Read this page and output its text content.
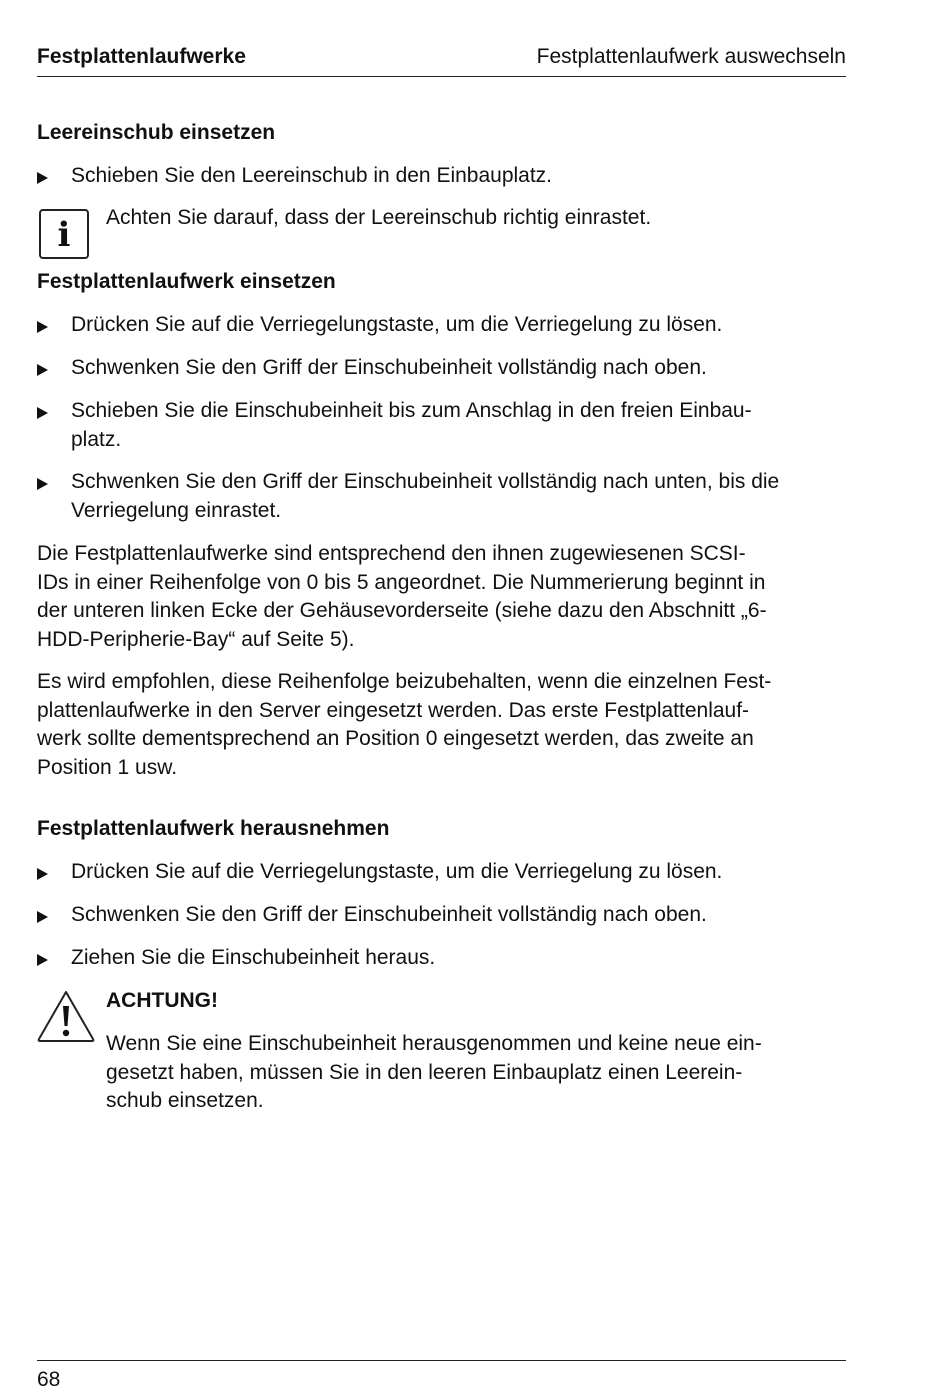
Festplattenlaufwerke	Festplattenlaufwerk auswechseln
Leereinschub einsetzen
Schieben Sie den Leereinschub in den Einbauplatz.
i	Achten Sie darauf, dass der Leereinschub richtig einrastet.
Festplattenlaufwerk einsetzen
Drücken Sie auf die Verriegelungstaste, um die Verriegelung zu lösen.
Schwenken Sie den Griff der Einschubeinheit vollständig nach oben.
Schieben Sie die Einschubeinheit bis zum Anschlag in den freien Einbau-
platz.
Schwenken Sie den Griff der Einschubeinheit vollständig nach unten, bis die
Verriegelung einrastet.
Die Festplattenlaufwerke sind entsprechend den ihnen zugewiesenen SCSI-
IDs in einer Reihenfolge von 0 bis 5 angeordnet. Die Nummerierung beginnt in
der unteren linken Ecke der Gehäusevorderseite (siehe dazu den Abschnitt „6-
HDD-Peripherie-Bay“ auf Seite 5).
Es wird empfohlen, diese Reihenfolge beizubehalten, wenn die einzelnen Fest-
plattenlaufwerke in den Server eingesetzt werden. Das erste Festplattenlauf-
werk sollte dementsprechend an Position 0 eingesetzt werden, das zweite an
Position 1 usw.
Festplattenlaufwerk herausnehmen
Drücken Sie auf die Verriegelungstaste, um die Verriegelung zu lösen.
Schwenken Sie den Griff der Einschubeinheit vollständig nach oben.
Ziehen Sie die Einschubeinheit heraus.
ACHTUNG!
Wenn Sie eine Einschubeinheit herausgenommen und keine neue ein-
gesetzt haben, müssen Sie in den leeren Einbauplatz einen Leerein-
schub einsetzen.
68
